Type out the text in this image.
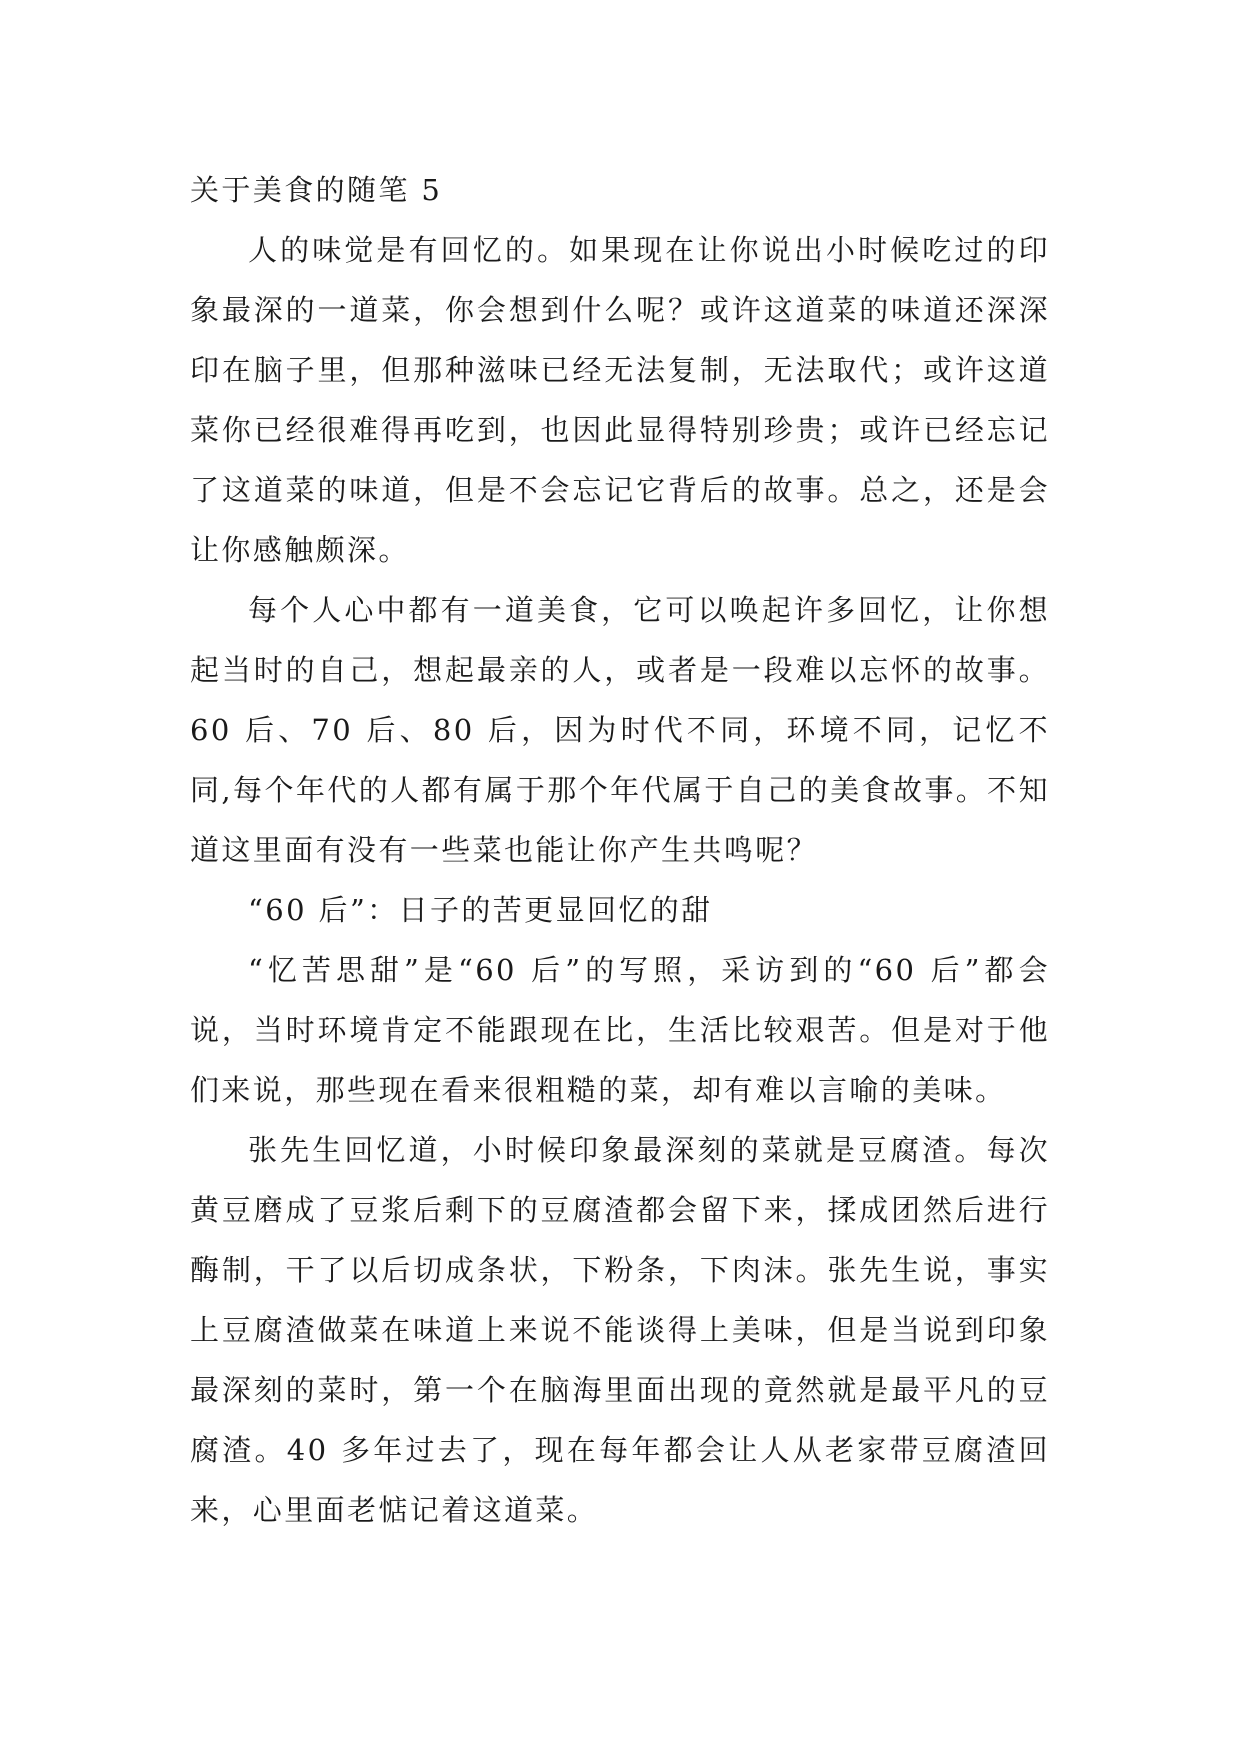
关于美食的随笔 5

人的味觉是有回忆的。如果现在让你说出小时候吃过的印象最深的一道菜，你会想到什么呢？或许这道菜的味道还深深印在脑子里，但那种滋味已经无法复制，无法取代；或许这道菜你已经很难得再吃到，也因此显得特别珍贵；或许已经忘记了这道菜的味道，但是不会忘记它背后的故事。总之，还是会让你感触颇深。

每个人心中都有一道美食，它可以唤起许多回忆，让你想起当时的自己，想起最亲的人，或者是一段难以忘怀的故事。60 后、70 后、80 后，因为时代不同，环境不同，记忆不同,每个年代的人都有属于那个年代属于自己的美食故事。不知道这里面有没有一些菜也能让你产生共鸣呢？

“60 后”：日子的苦更显回忆的甜

“忆苦思甜”是“60 后”的写照，采访到的“60 后”都会说，当时环境肯定不能跟现在比，生活比较艰苦。但是对于他们来说，那些现在看来很粗糙的菜，却有难以言喻的美味。

张先生回忆道，小时候印象最深刻的菜就是豆腐渣。每次黄豆磨成了豆浆后剩下的豆腐渣都会留下来，揉成团然后进行酶制，干了以后切成条状，下粉条，下肉沫。张先生说，事实上豆腐渣做菜在味道上来说不能谈得上美味，但是当说到印象最深刻的菜时，第一个在脑海里面出现的竟然就是最平凡的豆腐渣。40 多年过去了，现在每年都会让人从老家带豆腐渣回来，心里面老惦记着这道菜。
